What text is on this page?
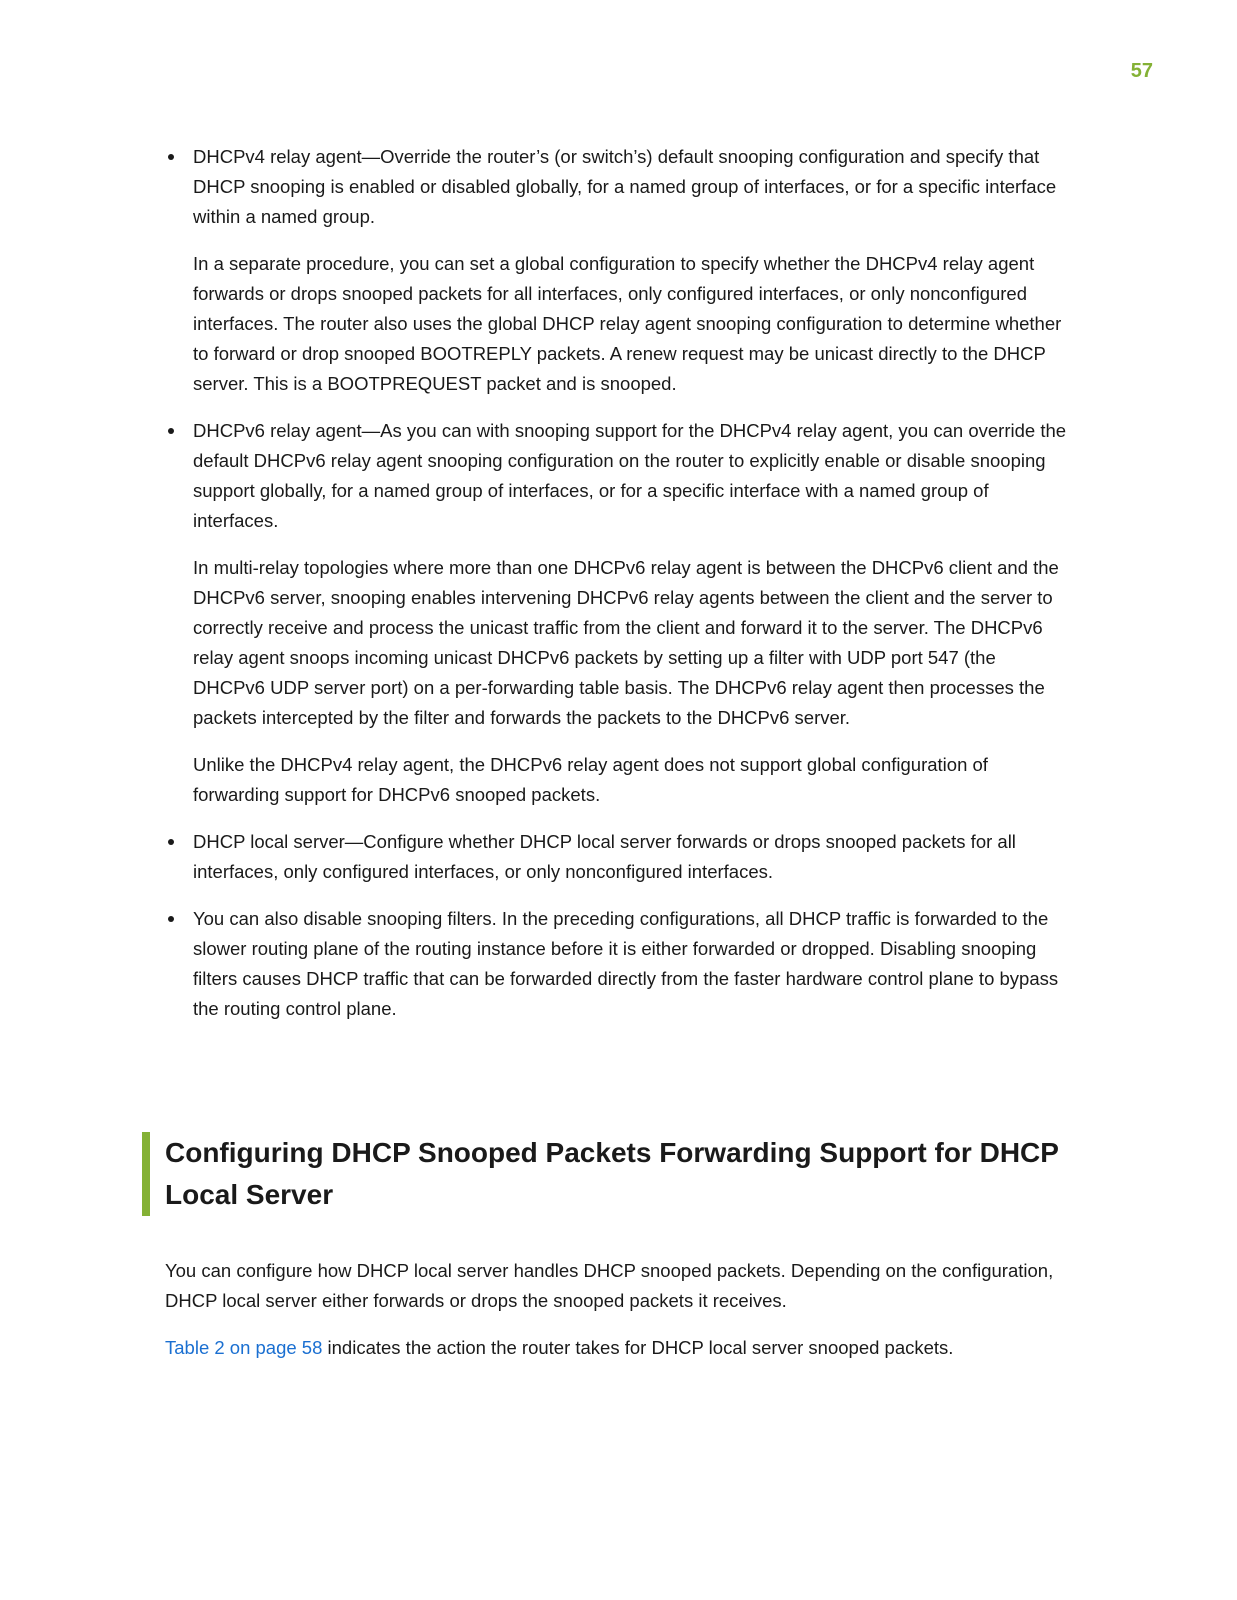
57

DHCPv4 relay agent—Override the router’s (or switch’s) default snooping configuration and specify that DHCP snooping is enabled or disabled globally, for a named group of interfaces, or for a specific interface within a named group.

In a separate procedure, you can set a global configuration to specify whether the DHCPv4 relay agent forwards or drops snooped packets for all interfaces, only configured interfaces, or only nonconfigured interfaces. The router also uses the global DHCP relay agent snooping configuration to determine whether to forward or drop snooped BOOTREPLY packets. A renew request may be unicast directly to the DHCP server. This is a BOOTPREQUEST packet and is snooped.

DHCPv6 relay agent—As you can with snooping support for the DHCPv4 relay agent, you can override the default DHCPv6 relay agent snooping configuration on the router to explicitly enable or disable snooping support globally, for a named group of interfaces, or for a specific interface with a named group of interfaces.

In multi-relay topologies where more than one DHCPv6 relay agent is between the DHCPv6 client and the DHCPv6 server, snooping enables intervening DHCPv6 relay agents between the client and the server to correctly receive and process the unicast traffic from the client and forward it to the server. The DHCPv6 relay agent snoops incoming unicast DHCPv6 packets by setting up a filter with UDP port 547 (the DHCPv6 UDP server port) on a per-forwarding table basis. The DHCPv6 relay agent then processes the packets intercepted by the filter and forwards the packets to the DHCPv6 server.

Unlike the DHCPv4 relay agent, the DHCPv6 relay agent does not support global configuration of forwarding support for DHCPv6 snooped packets.

DHCP local server—Configure whether DHCP local server forwards or drops snooped packets for all interfaces, only configured interfaces, or only nonconfigured interfaces.

You can also disable snooping filters. In the preceding configurations, all DHCP traffic is forwarded to the slower routing plane of the routing instance before it is either forwarded or dropped. Disabling snooping filters causes DHCP traffic that can be forwarded directly from the faster hardware control plane to bypass the routing control plane.

Configuring DHCP Snooped Packets Forwarding Support for DHCP Local Server

You can configure how DHCP local server handles DHCP snooped packets. Depending on the configuration, DHCP local server either forwards or drops the snooped packets it receives.

Table 2 on page 58 indicates the action the router takes for DHCP local server snooped packets.
